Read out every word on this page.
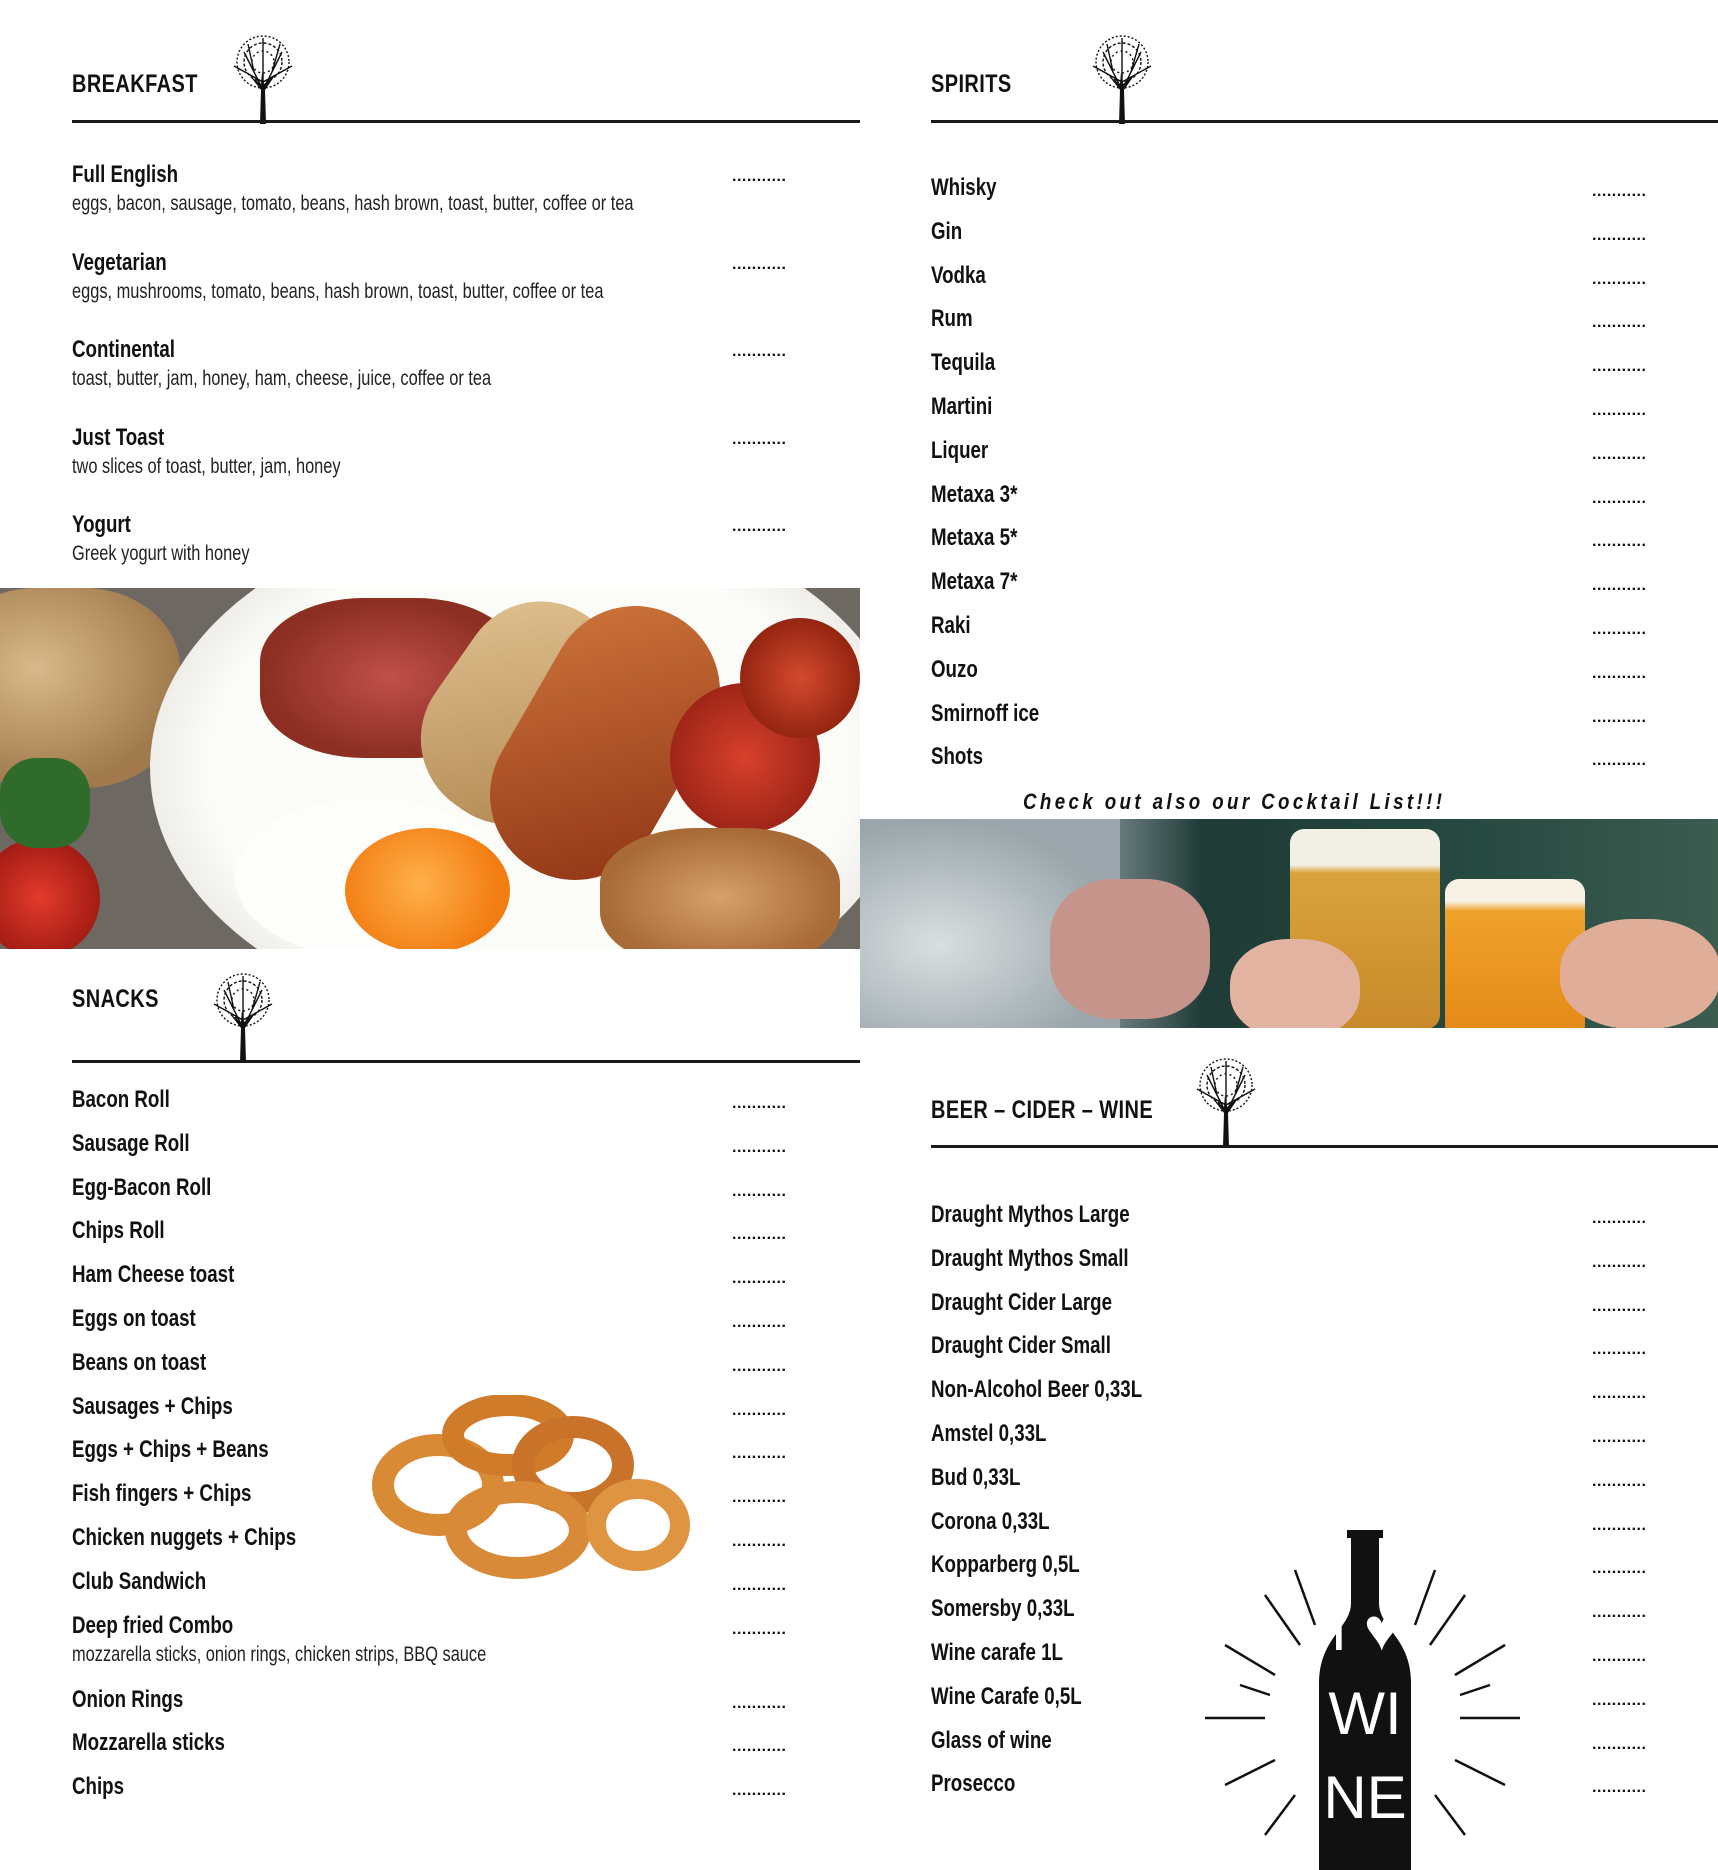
BREAKFAST
Full English
eggs, bacon, sausage, tomato, beans, hash brown, toast, butter, coffee or tea
...........
Vegetarian
eggs, mushrooms, tomato, beans, hash brown, toast, butter, coffee or tea
...........
Continental
toast, butter, jam, honey, ham, cheese, juice, coffee or tea
...........
Just Toast
two slices of toast, butter, jam, honey
...........
Yogurt
Greek yogurt with honey
...........
SNACKS
Bacon Roll	...........
Sausage Roll	...........
Egg-Bacon Roll	...........
Chips Roll	...........
Ham Cheese toast	...........
Eggs on toast	...........
Beans on toast	...........
Sausages + Chips	...........
Eggs + Chips + Beans	...........
Fish fingers + Chips	...........
Chicken nuggets + Chips	...........
Club Sandwich	...........
Deep fried Combo	...........
mozzarella sticks, onion rings, chicken strips, BBQ sauce
Onion Rings	...........
Mozzarella sticks	...........
Chips	...........
SPIRITS
Whisky	...........
Gin	...........
Vodka	...........
Rum	...........
Tequila	...........
Martini	...........
Liquer	...........
Metaxa 3*	...........
Metaxa 5*	...........
Metaxa 7*	...........
Raki	...........
Ouzo	...........
Smirnoff ice	...........
Shots	...........
Check out also our Cocktail List!!!
BEER – CIDER – WINE
Draught Mythos Large	...........
Draught Mythos Small	...........
Draught Cider Large	...........
Draught Cider Small	...........
Non-Alcohol Beer 0,33L	...........
Amstel 0,33L	...........
Bud 0,33L	...........
Corona 0,33L	...........
Kopparberg 0,5L	...........
Somersby 0,33L	...........
Wine carafe 1L	...........
Wine Carafe 0,5L	...........
Glass of wine	...........
Prosecco	...........
I ♥ WINE
